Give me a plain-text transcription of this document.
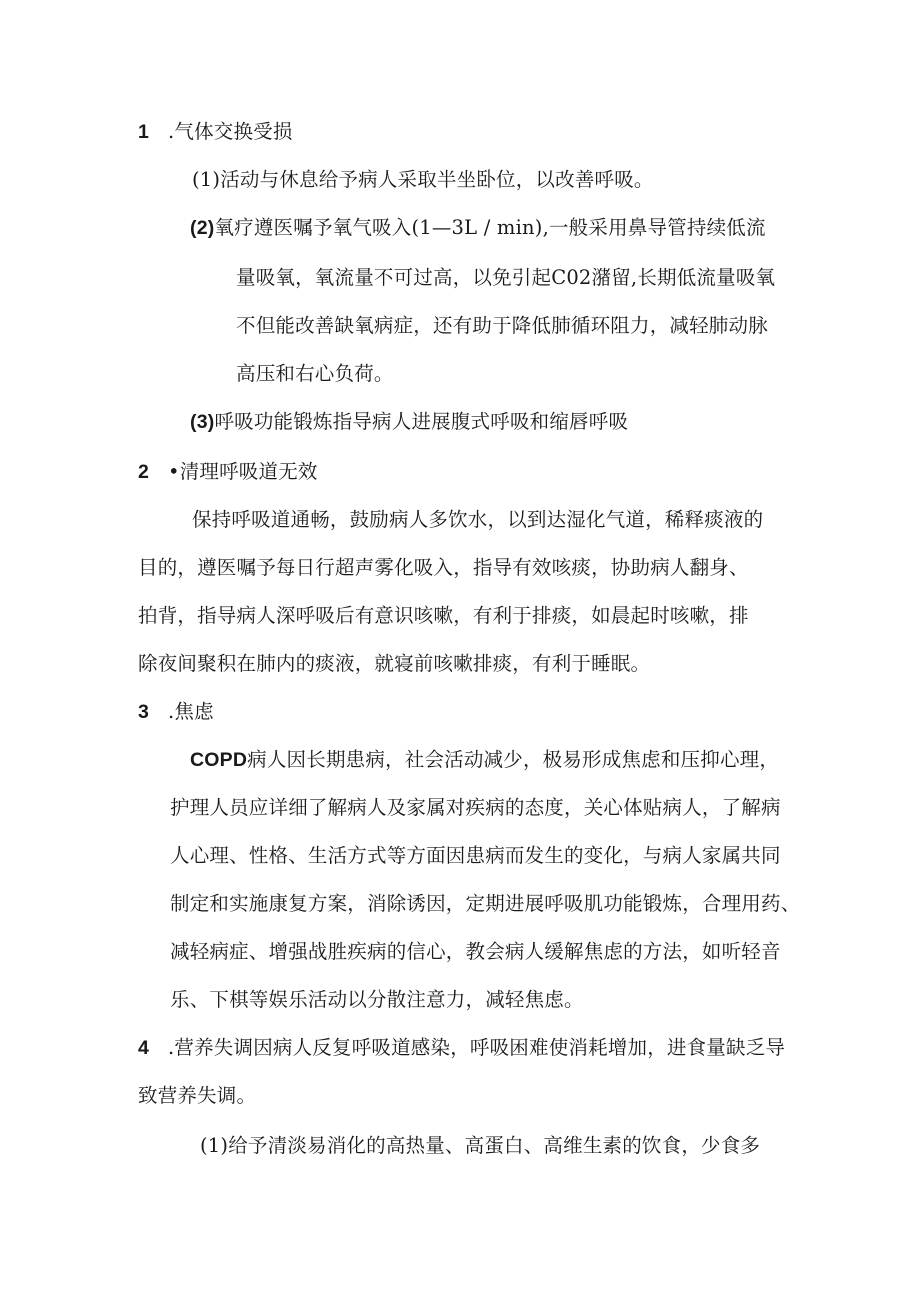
1 .气体交换受损
(1)活动与休息给予病人采取半坐卧位，以改善呼吸。
(2)氧疗遵医嘱予氧气吸入(1—3L / min),一般采用鼻导管持续低流
量吸氧，氧流量不可过高，以免引起C02潴留,长期低流量吸氧
不但能改善缺氧病症，还有助于降低肺循环阻力，减轻肺动脉
高压和右心负荷。
(3)呼吸功能锻炼指导病人进展腹式呼吸和缩唇呼吸
2 •清理呼吸道无效
保持呼吸道通畅，鼓励病人多饮水，以到达湿化气道，稀释痰液的
目的，遵医嘱予每日行超声雾化吸入，指导有效咳痰，协助病人翻身、
拍背，指导病人深呼吸后有意识咳嗽，有利于排痰，如晨起时咳嗽，排
除夜间聚积在肺内的痰液，就寝前咳嗽排痰，有利于睡眠。
3 .焦虑
COPD病人因长期患病，社会活动减少，极易形成焦虑和压抑心理，
护理人员应详细了解病人及家属对疾病的态度，关心体贴病人，了解病
人心理、性格、生活方式等方面因患病而发生的变化，与病人家属共同
制定和实施康复方案，消除诱因，定期进展呼吸肌功能锻炼，合理用药、
减轻病症、增强战胜疾病的信心，教会病人缓解焦虑的方法，如听轻音
乐、下棋等娱乐活动以分散注意力，减轻焦虑。
4 .营养失调因病人反复呼吸道感染，呼吸困难使消耗增加，进食量缺乏导
致营养失调。
(1)给予清淡易消化的高热量、高蛋白、高维生素的饮食，少食多
